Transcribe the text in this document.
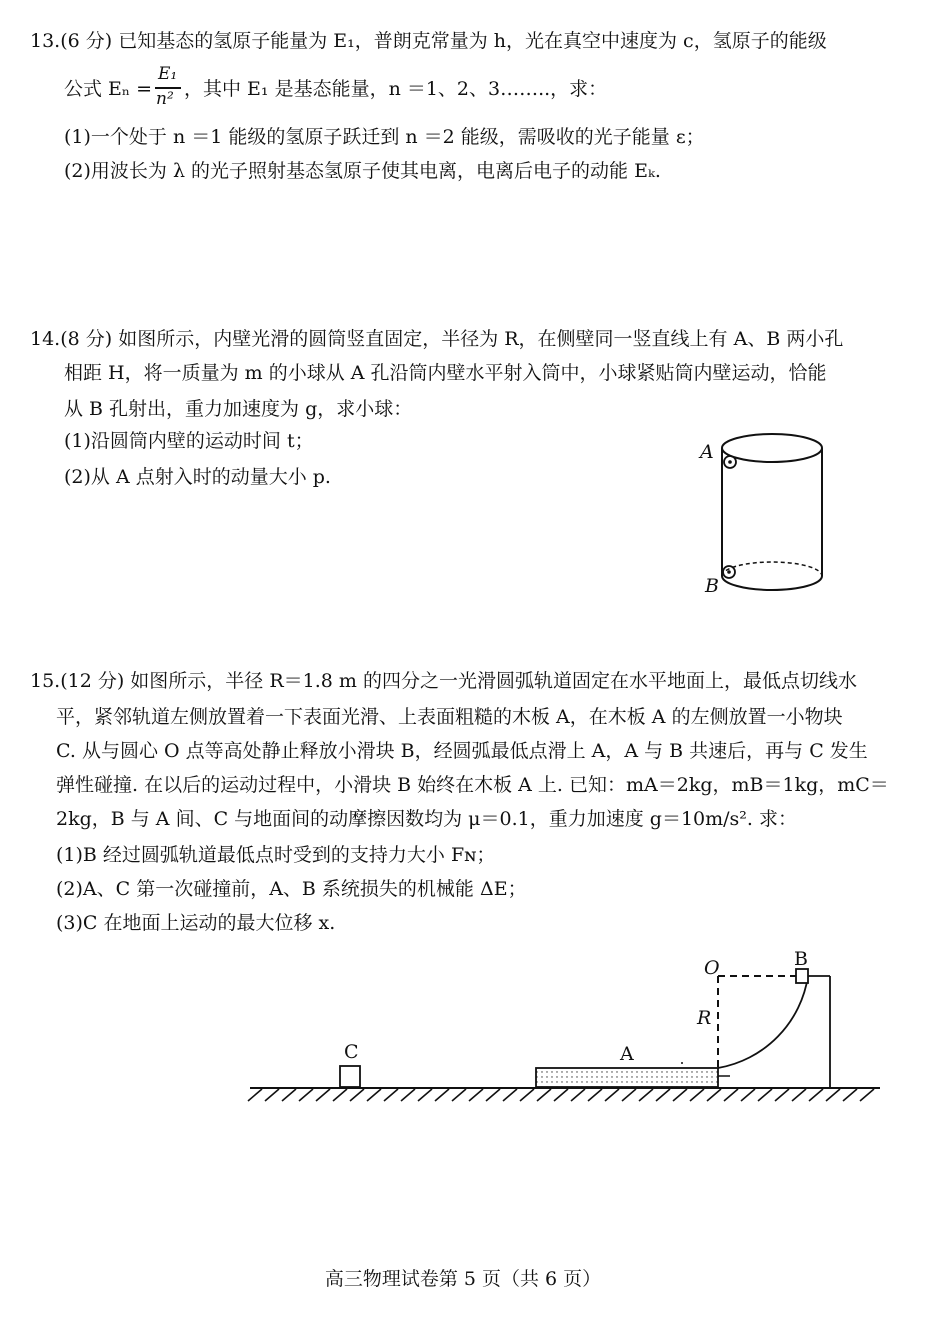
13.(6 分) 已知基态的氢原子能量为 E₁，普朗克常量为 h，光在真空中速度为 c，氢原子的能级
公式 Eₙ =
E₁
n² ，其中 E₁ 是基态能量，n ＝1、2、3……..，求：
(1)一个处于 n ＝1 能级的氢原子跃迁到 n ＝2 能级，需吸收的光子能量 ε；
(2)用波长为 λ 的光子照射基态氢原子使其电离，电离后电子的动能 Eₖ.
14.(8 分) 如图所示，内壁光滑的圆筒竖直固定，半径为 R，在侧壁同一竖直线上有 A、B 两小孔
相距 H，将一质量为 m 的小球从 A 孔沿筒内壁水平射入筒中，小球紧贴筒内壁运动，恰能
从 B 孔射出，重力加速度为 g，求小球：
(1)沿圆筒内壁的运动时间 t；
(2)从 A 点射入时的动量大小 p.
15.(12 分) 如图所示，半径 R＝1.8 m 的四分之一光滑圆弧轨道固定在水平地面上，最低点切线水
平，紧邻轨道左侧放置着一下表面光滑、上表面粗糙的木板 A，在木板 A 的左侧放置一小物块
C. 从与圆心 O 点等高处静止释放小滑块 B，经圆弧最低点滑上 A，A 与 B 共速后，再与 C 发生
弹性碰撞. 在以后的运动过程中，小滑块 B 始终在木板 A 上. 已知：mA＝2kg，mB＝1kg，mC＝
2kg，B 与 A 间、C 与地面间的动摩擦因数均为 μ＝0.1，重力加速度 g＝10m/s². 求：
(1)B 经过圆弧轨道最低点时受到的支持力大小 Fɴ；
(2)A、C 第一次碰撞前，A、B 系统损失的机械能 ΔE；
(3)C 在地面上运动的最大位移 x.
A
B
C	A
B
O
R
高三物理试卷第 5 页（共 6 页）
